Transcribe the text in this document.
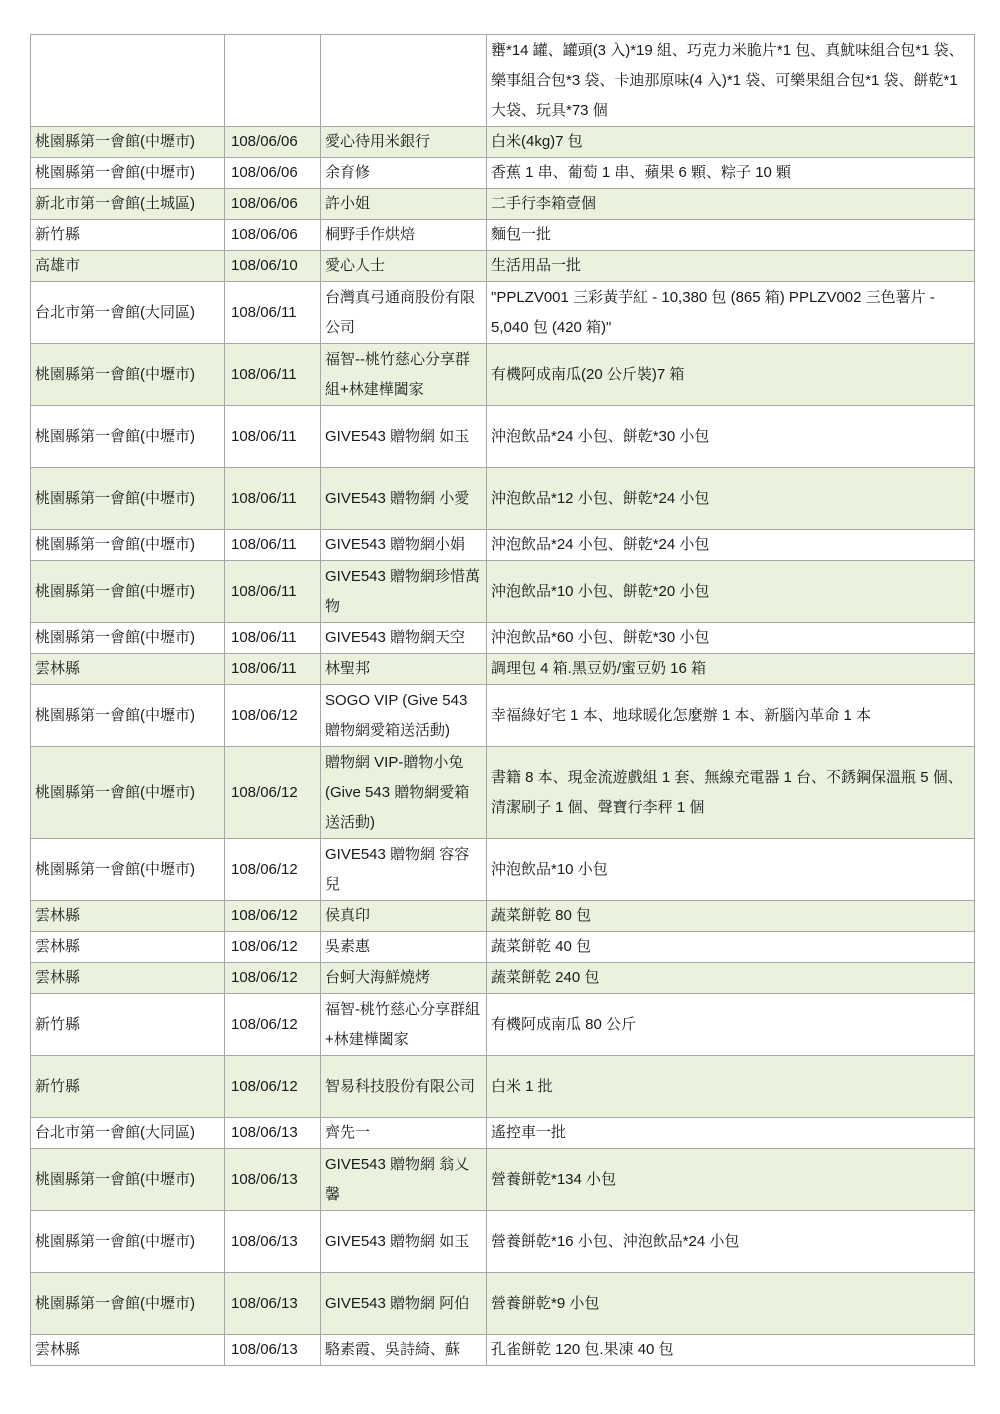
			罋*14 罐、罐頭(3 入)*19 組、巧克力米脆片*1 包、真魷味組合包*1 袋、樂事組合包*3 袋、卡迪那原味(4 入)*1 袋、可樂果組合包*1 袋、餅乾*1 大袋、玩具*73 個
桃園縣第一會館(中壢市)	108/06/06	愛心待用米銀行	白米(4kg)7 包
桃園縣第一會館(中壢市)	108/06/06	余育修	香蕉 1 串、葡萄 1 串、蘋果 6 顆、粽子 10 顆
新北市第一會館(土城區)	108/06/06	許小姐	二手行李箱壹個
新竹縣	108/06/06	桐野手作烘焙	麵包一批
高雄市	108/06/10	愛心人士	生活用品一批
台北市第一會館(大同區)	108/06/11	台灣真弓通商股份有限公司	"PPLZV001 三彩黃芋紅 - 10,380 包 (865 箱) PPLZV002 三色薯片 - 5,040 包 (420 箱)"
桃園縣第一會館(中壢市)	108/06/11	福智--桃竹慈心分享群組+林建樺闔家	有機阿成南瓜(20 公斤裝)7 箱
桃園縣第一會館(中壢市)	108/06/11	GIVE543 贈物網 如玉	沖泡飲品*24 小包、餅乾*30 小包
桃園縣第一會館(中壢市)	108/06/11	GIVE543 贈物網 小愛	沖泡飲品*12 小包、餅乾*24 小包
桃園縣第一會館(中壢市)	108/06/11	GIVE543 贈物網小娟	沖泡飲品*24 小包、餅乾*24 小包
桃園縣第一會館(中壢市)	108/06/11	GIVE543 贈物網珍惜萬物	沖泡飲品*10 小包、餅乾*20 小包
桃園縣第一會館(中壢市)	108/06/11	GIVE543 贈物網天空	沖泡飲品*60 小包、餅乾*30 小包
雲林縣	108/06/11	林聖邦	調理包 4 箱.黑豆奶/蜜豆奶 16 箱
桃園縣第一會館(中壢市)	108/06/12	SOGO VIP (Give 543 贈物網愛箱送活動)	幸福綠好宅 1 本、地球暖化怎麼辦 1 本、新腦內革命 1 本
桃園縣第一會館(中壢市)	108/06/12	贈物網 VIP-贈物小兔 (Give 543 贈物網愛箱送活動)	書籍 8 本、現金流遊戲組 1 套、無線充電器 1 台、不銹鋼保溫瓶 5 個、清潔刷子 1 個、聲寶行李秤 1 個
桃園縣第一會館(中壢市)	108/06/12	GIVE543 贈物網 容容兒	沖泡飲品*10 小包
雲林縣	108/06/12	侯真印	蔬菜餅乾 80 包
雲林縣	108/06/12	吳素惠	蔬菜餅乾 40 包
雲林縣	108/06/12	台蚵大海鮮燒烤	蔬菜餅乾 240 包
新竹縣	108/06/12	福智-桃竹慈心分享群組+林建樺闔家	有機阿成南瓜 80 公斤
新竹縣	108/06/12	智易科技股份有限公司	白米 1 批
台北市第一會館(大同區)	108/06/13	齊先一	遙控車一批
桃園縣第一會館(中壢市)	108/06/13	GIVE543 贈物網 翁乂馨	營養餅乾*134 小包
桃園縣第一會館(中壢市)	108/06/13	GIVE543 贈物網 如玉	營養餅乾*16 小包、沖泡飲品*24 小包
桃園縣第一會館(中壢市)	108/06/13	GIVE543 贈物網 阿伯	營養餅乾*9 小包
雲林縣	108/06/13	駱素霞、吳詩綺、蘇	孔雀餅乾 120 包.果凍 40 包
